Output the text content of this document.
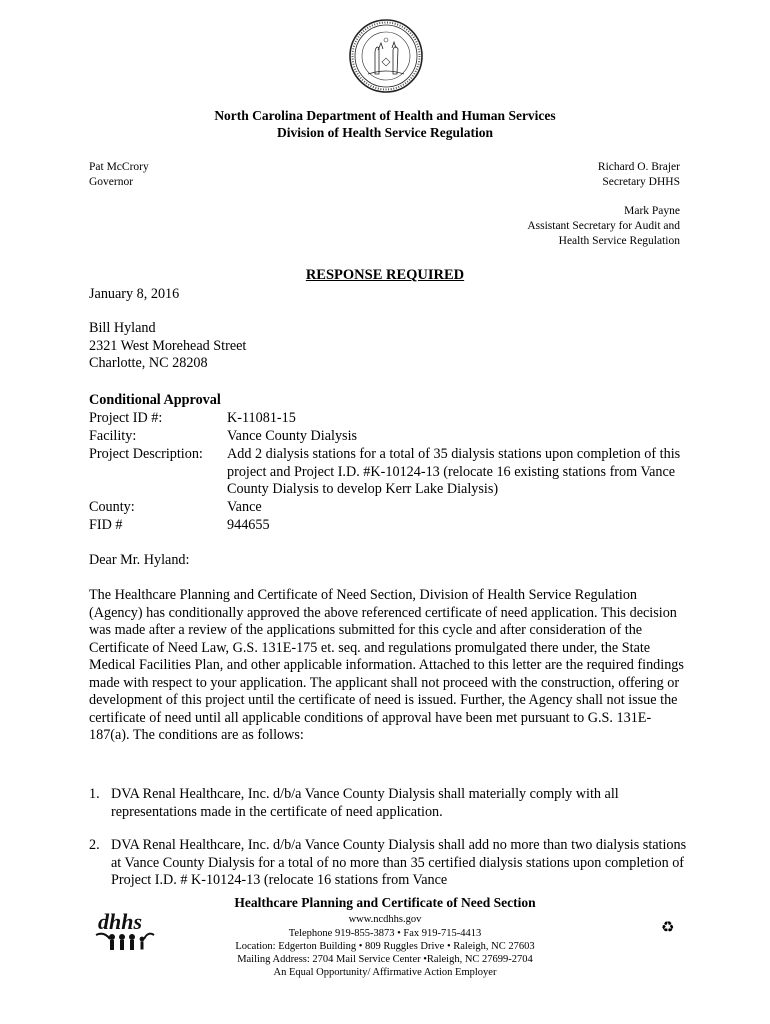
North Carolina Department of Health and Human Services
Division of Health Service Regulation
Pat McCrory
Governor
Richard O. Brajer
Secretary DHHS
Mark Payne
Assistant Secretary for Audit and
Health Service Regulation
RESPONSE REQUIRED
January 8, 2016
Bill Hyland
2321 West Morehead Street
Charlotte, NC 28208
Conditional Approval
Project ID #:	K-11081-15
Facility:	Vance County Dialysis
Project Description: Add 2 dialysis stations for a total of 35 dialysis stations upon completion of this project and Project I.D. #K-10124-13 (relocate 16 existing stations from Vance County Dialysis to develop Kerr Lake Dialysis)
County:	Vance
FID #	944655
Dear Mr. Hyland:
The Healthcare Planning and Certificate of Need Section, Division of Health Service Regulation (Agency) has conditionally approved the above referenced certificate of need application. This decision was made after a review of the applications submitted for this cycle and after consideration of the Certificate of Need Law, G.S. 131E-175 et. seq. and regulations promulgated there under, the State Medical Facilities Plan, and other applicable information. Attached to this letter are the required findings made with respect to your application. The applicant shall not proceed with the construction, offering or development of this project until the certificate of need is issued. Further, the Agency shall not issue the certificate of need until all applicable conditions of approval have been met pursuant to G.S. 131E-187(a). The conditions are as follows:
1. DVA Renal Healthcare, Inc. d/b/a Vance County Dialysis shall materially comply with all representations made in the certificate of need application.
2. DVA Renal Healthcare, Inc. d/b/a Vance County Dialysis shall add no more than two dialysis stations at Vance County Dialysis for a total of no more than 35 certified dialysis stations upon completion of Project I.D. # K-10124-13 (relocate 16 stations from Vance
Healthcare Planning and Certificate of Need Section
dhhs	www.ncdhhs.gov
Telephone 919-855-3873 • Fax 919-715-4413
Location: Edgerton Building • 809 Ruggles Drive • Raleigh, NC 27603
Mailing Address: 2704 Mail Service Center •Raleigh, NC 27699-2704
An Equal Opportunity/ Affirmative Action Employer
♻
